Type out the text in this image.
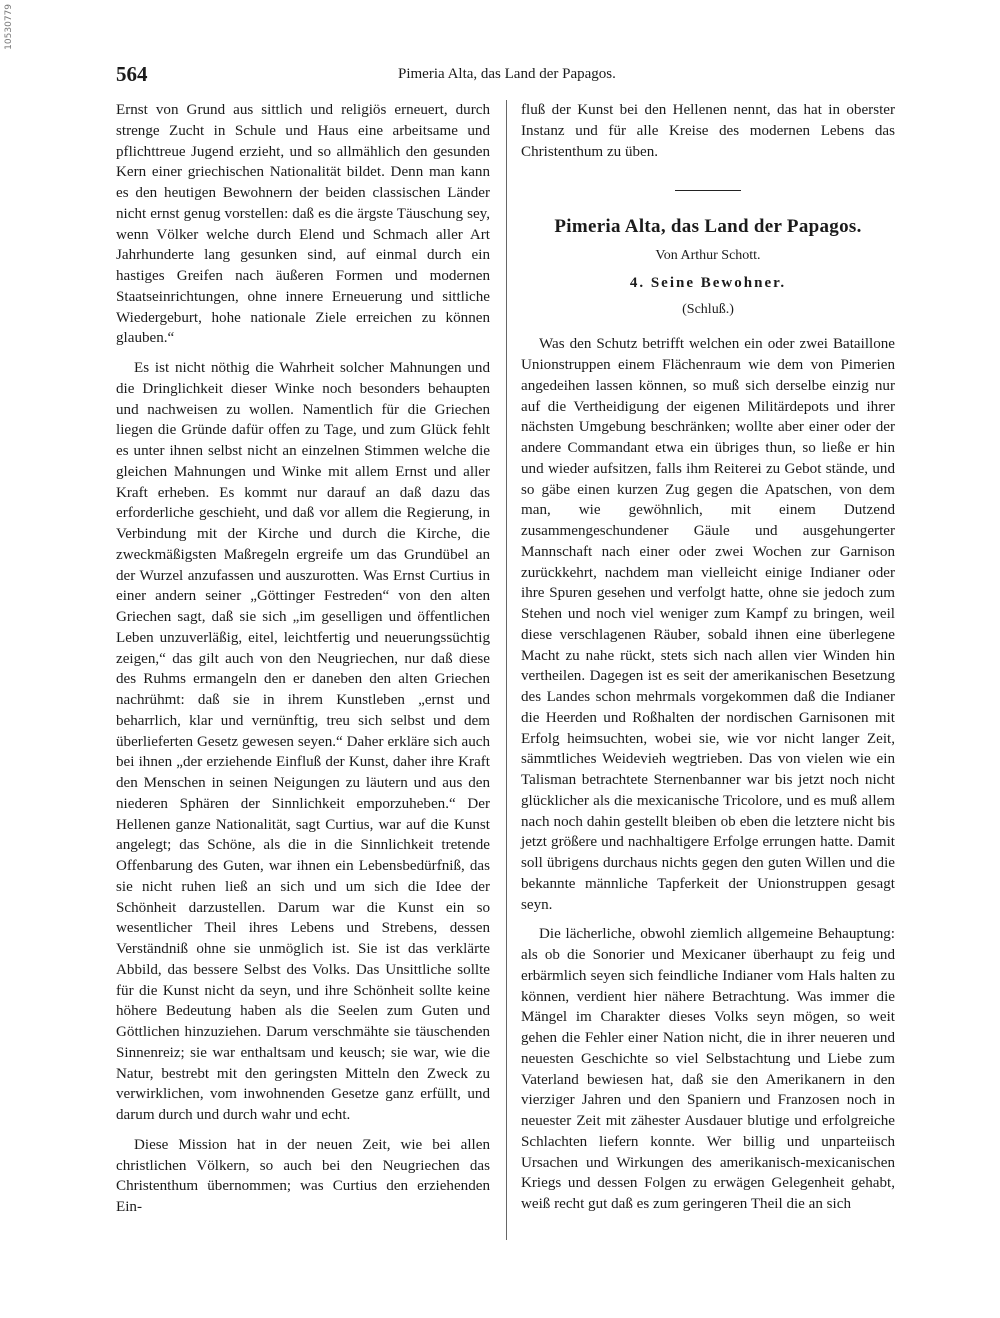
10530779
564	Pimeria Alta, das Land der Papagos.

Ernst von Grund aus sittlich und religiös erneuert, durch strenge Zucht in Schule und Haus eine arbeitsame und pflichttreue Jugend erzieht, und so allmählich den gesunden Kern einer griechischen Nationalität bildet. Denn man kann es den heutigen Bewohnern der beiden classischen Länder nicht ernst genug vorstellen: daß es die ärgste Täuschung sey, wenn Völker welche durch Elend und Schmach aller Art Jahrhunderte lang gesunken sind, auf einmal durch ein hastiges Greifen nach äußeren Formen und modernen Staatseinrichtungen, ohne innere Erneuerung und sittliche Wiedergeburt, hohe nationale Ziele erreichen zu können glauben.“

Es ist nicht nöthig die Wahrheit solcher Mahnungen und die Dringlichkeit dieser Winke noch besonders behaupten und nachweisen zu wollen. Namentlich für die Griechen liegen die Gründe dafür offen zu Tage, und zum Glück fehlt es unter ihnen selbst nicht an einzelnen Stimmen welche die gleichen Mahnungen und Winke mit allem Ernst und aller Kraft erheben. Es kommt nur darauf an daß dazu das erforderliche geschieht, und daß vor allem die Regierung, in Verbindung mit der Kirche und durch die Kirche, die zweckmäßigsten Maßregeln ergreife um das Grundübel an der Wurzel anzufassen und auszurotten. Was Ernst Curtius in einer andern seiner „Göttinger Festreden“ von den alten Griechen sagt, daß sie sich „im geselligen und öffentlichen Leben unzuverläßig, eitel, leichtfertig und neuerungssüchtig zeigen,“ das gilt auch von den Neugriechen, nur daß diese des Ruhms ermangeln den er daneben den alten Griechen nachrühmt: daß sie in ihrem Kunstleben „ernst und beharrlich, klar und vernünftig, treu sich selbst und dem überlieferten Gesetz gewesen seyen.“ Daher erkläre sich auch bei ihnen „der erziehende Einfluß der Kunst, daher ihre Kraft den Menschen in seinen Neigungen zu läutern und aus den niederen Sphären der Sinnlichkeit emporzuheben.“ Der Hellenen ganze Nationalität, sagt Curtius, war auf die Kunst angelegt; das Schöne, als die in die Sinnlichkeit tretende Offenbarung des Guten, war ihnen ein Lebensbedürfniß, das sie nicht ruhen ließ an sich und um sich die Idee der Schönheit darzustellen. Darum war die Kunst ein so wesentlicher Theil ihres Lebens und Strebens, dessen Verständniß ohne sie unmöglich ist. Sie ist das verklärte Abbild, das bessere Selbst des Volks. Das Unsittliche sollte für die Kunst nicht da seyn, und ihre Schönheit sollte keine höhere Bedeutung haben als die Seelen zum Guten und Göttlichen hinzuziehen. Darum verschmähte sie täuschenden Sinnenreiz; sie war enthaltsam und keusch; sie war, wie die Natur, bestrebt mit den geringsten Mitteln den Zweck zu verwirklichen, vom inwohnenden Gesetze ganz erfüllt, und darum durch und durch wahr und echt.

Diese Mission hat in der neuen Zeit, wie bei allen christlichen Völkern, so auch bei den Neugriechen das Christenthum übernommen; was Curtius den erziehenden Ein-

fluß der Kunst bei den Hellenen nennt, das hat in oberster Instanz und für alle Kreise des modernen Lebens das Christenthum zu üben.

Pimeria Alta, das Land der Papagos.
Von Arthur Schott.
4. Seine Bewohner.
(Schluß.)

Was den Schutz betrifft welchen ein oder zwei Bataillone Unionstruppen einem Flächenraum wie dem von Pimerien angedeihen lassen können, so muß sich derselbe einzig nur auf die Vertheidigung der eigenen Militärdepots und ihrer nächsten Umgebung beschränken; wollte aber einer oder der andere Commandant etwa ein übriges thun, so ließe er hin und wieder aufsitzen, falls ihm Reiterei zu Gebot stände, und so gäbe einen kurzen Zug gegen die Apatschen, von dem man, wie gewöhnlich, mit einem Dutzend zusammengeschundener Gäule und ausgehungerter Mannschaft nach einer oder zwei Wochen zur Garnison zurückkehrt, nachdem man vielleicht einige Indianer oder ihre Spuren gesehen und verfolgt hatte, ohne sie jedoch zum Stehen und noch viel weniger zum Kampf zu bringen, weil diese verschlagenen Räuber, sobald ihnen eine überlegene Macht zu nahe rückt, stets sich nach allen vier Winden hin vertheilen. Dagegen ist es seit der amerikanischen Besetzung des Landes schon mehrmals vorgekommen daß die Indianer die Heerden und Roßhalten der nordischen Garnisonen mit Erfolg heimsuchten, wobei sie, wie vor nicht langer Zeit, sämmtliches Weidevieh wegtrieben. Das von vielen wie ein Talisman betrachtete Sternenbanner war bis jetzt noch nicht glücklicher als die mexicanische Tricolore, und es muß allem nach noch dahin gestellt bleiben ob eben die letztere nicht bis jetzt größere und nachhaltigere Erfolge errungen hatte. Damit soll übrigens durchaus nichts gegen den guten Willen und die bekannte männliche Tapferkeit der Unionstruppen gesagt seyn.

Die lächerliche, obwohl ziemlich allgemeine Behauptung: als ob die Sonorier und Mexicaner überhaupt zu feig und erbärmlich seyen sich feindliche Indianer vom Hals halten zu können, verdient hier nähere Betrachtung. Was immer die Mängel im Charakter dieses Volks seyn mögen, so weit gehen die Fehler einer Nation nicht, die in ihrer neueren und neuesten Geschichte so viel Selbstachtung und Liebe zum Vaterland bewiesen hat, daß sie den Amerikanern in den vierziger Jahren und den Spaniern und Franzosen noch in neuester Zeit mit zähester Ausdauer blutige und erfolgreiche Schlachten liefern konnte. Wer billig und unparteiisch Ursachen und Wirkungen des amerikanisch-mexicanischen Kriegs und dessen Folgen zu erwägen Gelegenheit gehabt, weiß recht gut daß es zum geringeren Theil die an sich
